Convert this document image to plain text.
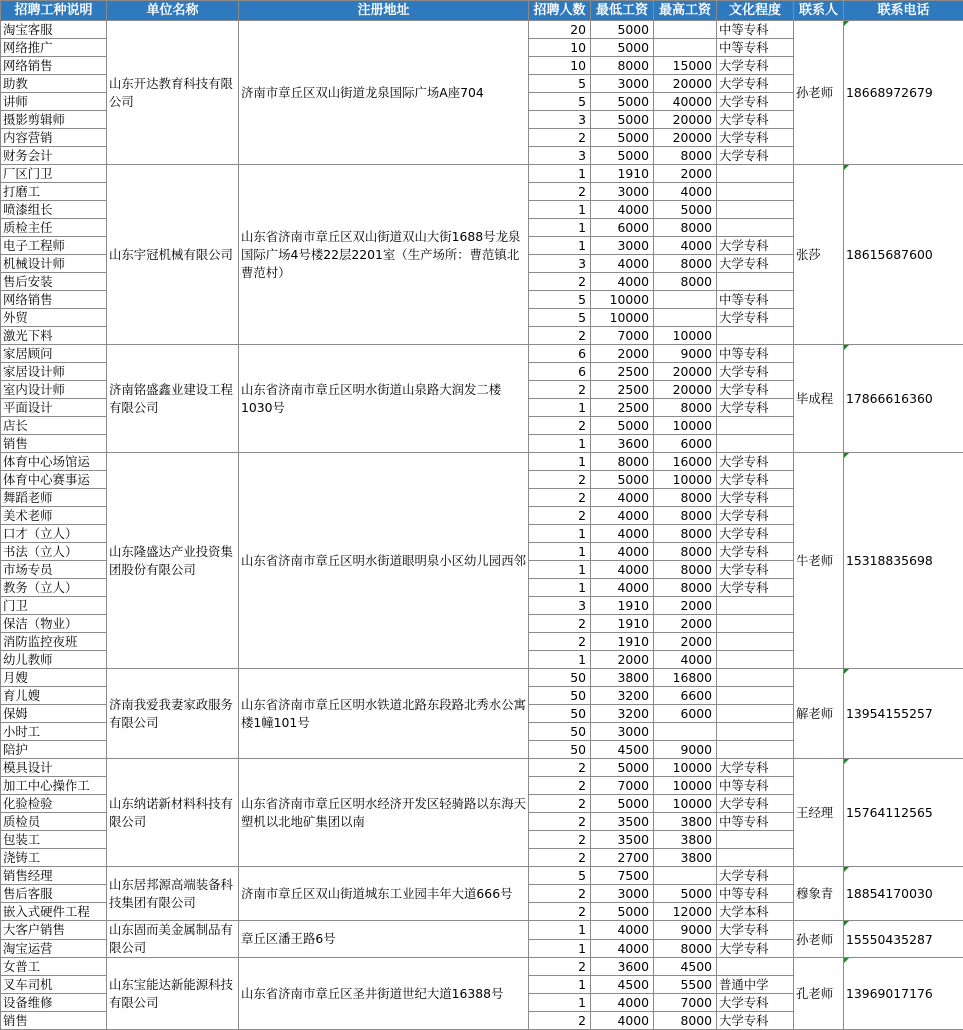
招聘工种说明	单位名称	注册地址	招聘人数	最低工资	最高工资	文化程度	联系人	联系电话
淘宝客服	山东开达教育科技有限公司	济南市章丘区双山街道龙泉国际广场A座704	20	5000		中等专科	孙老师	18668972679
网络推广			10	5000		中等专科		
网络销售			10	8000	15000	大学专科		
助教			5	3000	20000	大学专科		
讲师			5	5000	40000	大学专科		
摄影剪辑师			3	5000	20000	大学专科		
内容营销			2	5000	20000	大学专科		
财务会计			3	5000	8000	大学专科		
厂区门卫	山东宇冠机械有限公司	山东省济南市章丘区双山街道双山大街1688号龙泉国际广场4号楼22层2201室（生产场所：曹范镇北曹范村）	1	1910	2000		张莎	18615687600
打磨工			2	3000	4000			
喷漆组长			1	4000	5000			
质检主任			1	6000	8000			
电子工程师			1	3000	4000	大学专科		
机械设计师			3	4000	8000	大学专科		
售后安装			2	4000	8000			
网络销售			5	10000		中等专科		
外贸			5	10000		大学专科		
激光下料			2	7000	10000			
家居顾问	济南铭盛鑫业建设工程有限公司	山东省济南市章丘区明水街道山泉路大润发二楼1030号	6	2000	9000	中等专科	毕成程	17866616360
家居设计师			6	2500	20000	大学专科		
室内设计师			2	2500	20000	大学专科		
平面设计			1	2500	8000	大学专科		
店长			2	5000	10000			
销售			1	3600	6000			
体育中心场馆运	山东隆盛达产业投资集团股份有限公司	山东省济南市章丘区明水街道眼明泉小区幼儿园西邻	1	8000	16000	大学专科	牛老师	15318835698
体育中心赛事运			2	5000	10000	大学专科		
舞蹈老师			2	4000	8000	大学专科		
美术老师			2	4000	8000	大学专科		
口才（立人）			1	4000	8000	大学专科		
书法（立人）			1	4000	8000	大学专科		
市场专员			1	4000	8000	大学专科		
教务（立人）			1	4000	8000	大学专科		
门卫			3	1910	2000			
保洁（物业）			2	1910	2000			
消防监控夜班			2	1910	2000			
幼儿教师			1	2000	4000			
月嫂	济南我爱我妻家政服务有限公司	山东省济南市章丘区明水铁道北路东段路北秀水公寓楼1幢101号	50	3800	16800		解老师	13954155257
育儿嫂			50	3200	6600			
保姆			50	3200	6000			
小时工			50	3000				
陪护			50	4500	9000			
模具设计	山东纳诺新材料科技有限公司	山东省济南市章丘区明水经济开发区轻骑路以东海天塑机以北地矿集团以南	2	5000	10000	大学专科	王经理	15764112565
加工中心操作工			2	7000	10000	中等专科		
化验检验			2	5000	10000	大学专科		
质检员			2	3500	3800	中等专科		
包装工			2	3500	3800			
浇铸工			2	2700	3800			
销售经理	山东居邦源高端装备科技集团有限公司	济南市章丘区双山街道城东工业园丰年大道666号	5	7500		大学专科	穆象青	18854170030
售后客服			2	3000	5000	中等专科		
嵌入式硬件工程			2	5000	12000	大学本科		
大客户销售	山东固而美金属制品有限公司	章丘区潘王路6号	1	4000	9000	大学专科	孙老师	15550435287
淘宝运营			1	4000	8000	大学专科		
女普工	山东宝能达新能源科技有限公司	山东省济南市章丘区圣井街道世纪大道16388号	2	3600	4500		孔老师	13969017176
叉车司机			1	4500	5500	普通中学		
设备维修			1	4000	7000	大学专科		
销售			2	4000	8000	大学专科		
